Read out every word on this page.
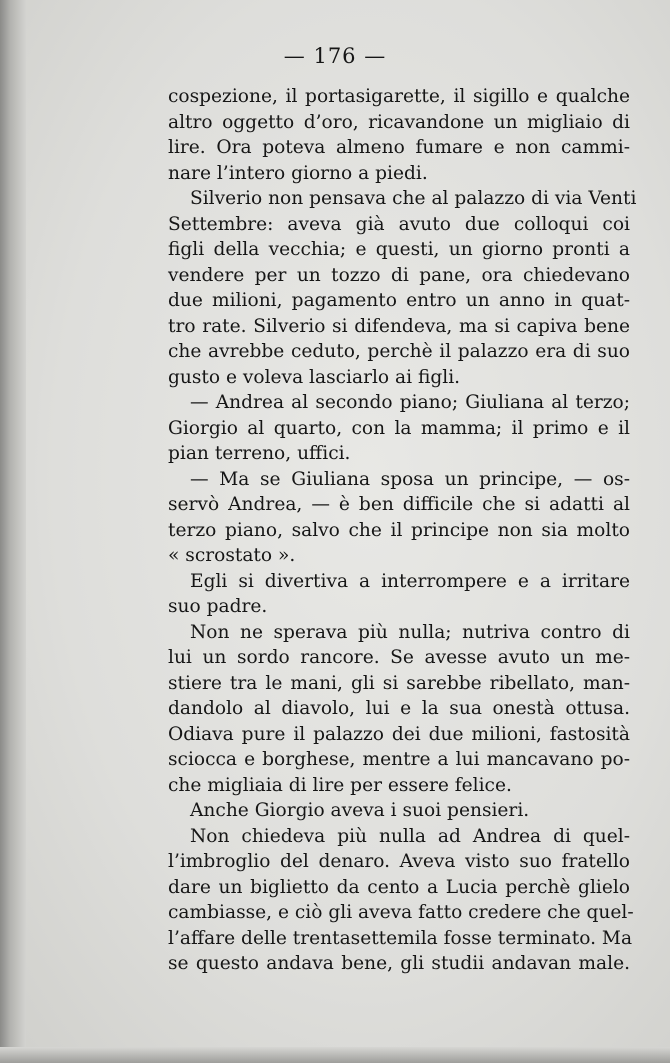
— 176 —
cospezione, il portasigarette, il sigillo e qualche
altro oggetto d’oro, ricavandone un migliaio di
lire. Ora poteva almeno fumare e non cammi-
nare l’intero giorno a piedi.
Silverio non pensava che al palazzo di via Venti
Settembre: aveva già avuto due colloqui coi
figli della vecchia; e questi, un giorno pronti a
vendere per un tozzo di pane, ora chiedevano
due milioni, pagamento entro un anno in quat-
tro rate. Silverio si difendeva, ma si capiva bene
che avrebbe ceduto, perchè il palazzo era di suo
gusto e voleva lasciarlo ai figli.
— Andrea al secondo piano; Giuliana al terzo;
Giorgio al quarto, con la mamma; il primo e il
pian terreno, uffici.
— Ma se Giuliana sposa un principe, — os-
servò Andrea, — è ben difficile che si adatti al
terzo piano, salvo che il principe non sia molto
« scrostato ».
Egli si divertiva a interrompere e a irritare
suo padre.
Non ne sperava più nulla; nutriva contro di
lui un sordo rancore. Se avesse avuto un me-
stiere tra le mani, gli si sarebbe ribellato, man-
dandolo al diavolo, lui e la sua onestà ottusa.
Odiava pure il palazzo dei due milioni, fastosità
sciocca e borghese, mentre a lui mancavano po-
che migliaia di lire per essere felice.
Anche Giorgio aveva i suoi pensieri.
Non chiedeva più nulla ad Andrea di quel-
l’imbroglio del denaro. Aveva visto suo fratello
dare un biglietto da cento a Lucia perchè glielo
cambiasse, e ciò gli aveva fatto credere che quel-
l’affare delle trentasettemila fosse terminato. Ma
se questo andava bene, gli studii andavan male.
